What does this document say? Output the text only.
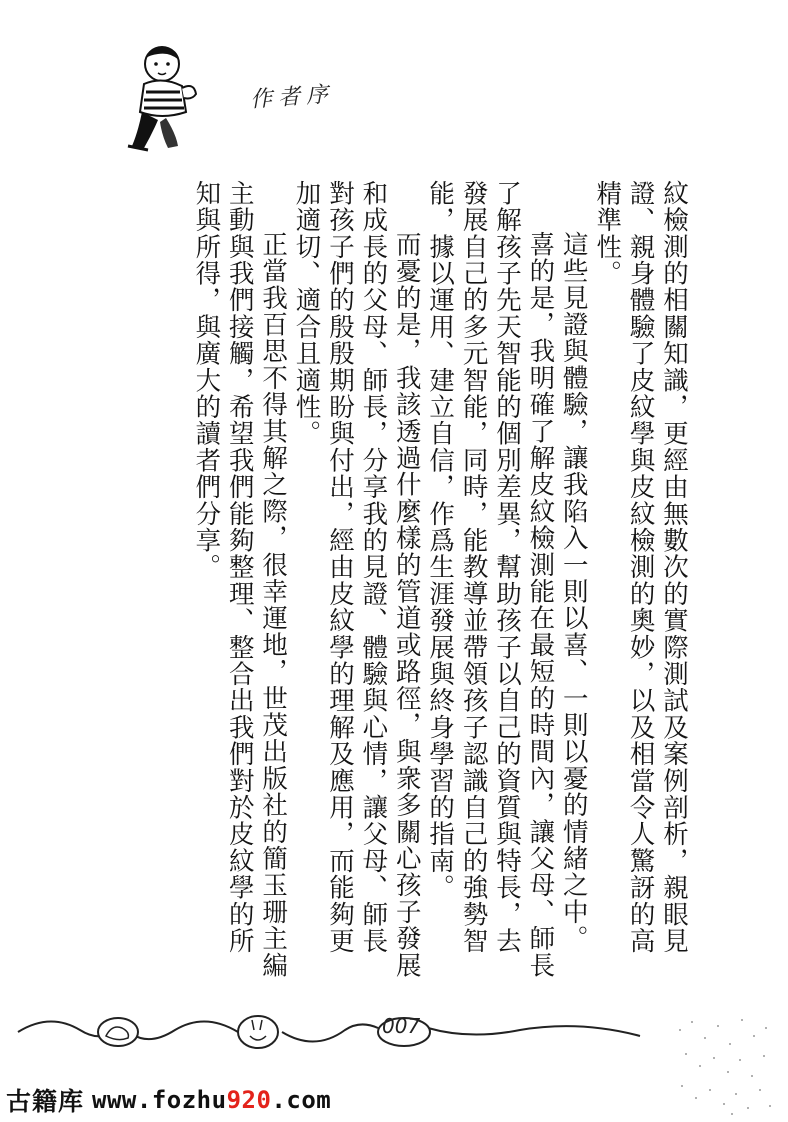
作者序

紋檢測的相關知識，更經由無數次的實際測試及案例剖析，親眼見證、親身體驗了皮紋學與皮紋檢測的奧妙，以及相當令人驚訝的高精準性。

這些見證與體驗，讓我陷入一則以喜、一則以憂的情緒之中。

喜的是，我明確了解皮紋檢測能在最短的時間內，讓父母、師長了解孩子先天智能的個別差異，幫助孩子以自己的資質與特長，去發展自己的多元智能，同時，能教導並帶領孩子認識自己的強勢智能，據以運用、建立自信，作爲生涯發展與終身學習的指南。

而憂的是，我該透過什麼樣的管道或路徑，與衆多關心孩子發展和成長的父母、師長，分享我的見證、體驗與心情，讓父母、師長對孩子們的殷殷期盼與付出，經由皮紋學的理解及應用，而能夠更加適切、適合且適性。

正當我百思不得其解之際，很幸運地，世茂出版社的簡玉珊主編主動與我們接觸，希望我們能夠整理、整合出我們對於皮紋學的所知與所得，與廣大的讀者們分享。

007
古籍库 www.fozhu920.com
